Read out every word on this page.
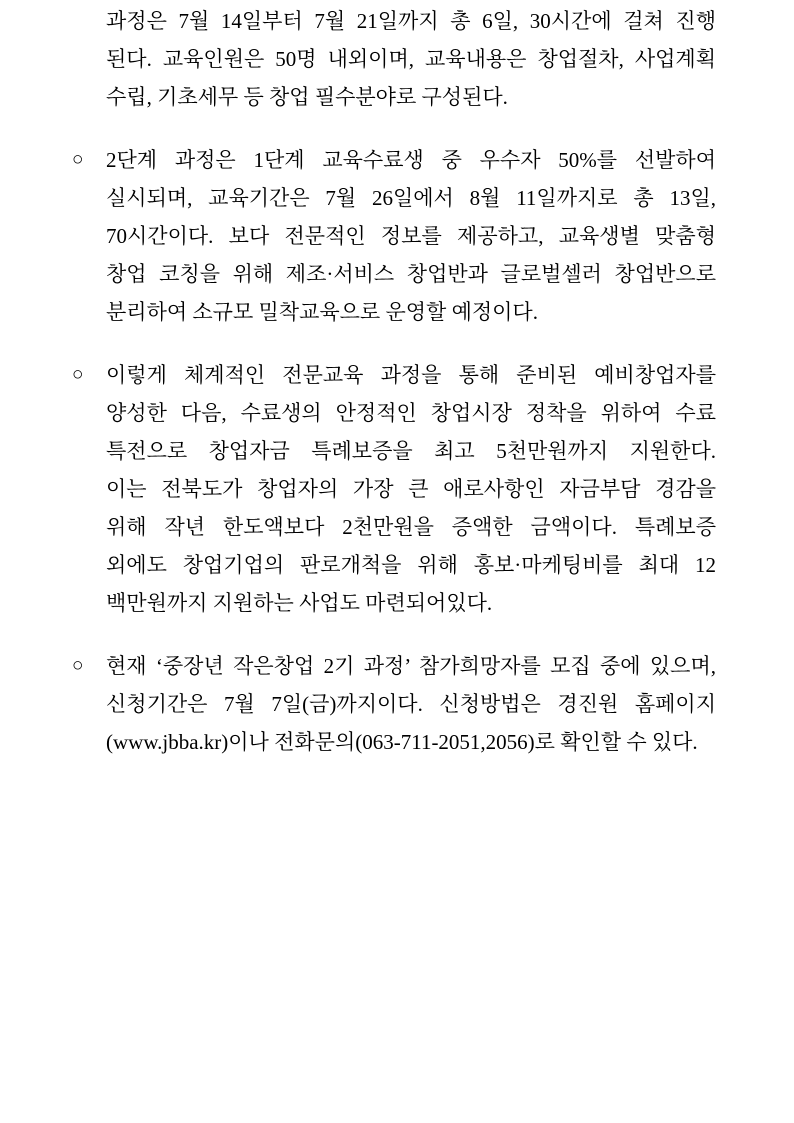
과정은 7월 14일부터 7월 21일까지 총 6일, 30시간에 걸쳐 진행
된다. 교육인원은 50명 내외이며, 교육내용은 창업절차, 사업계획
수립, 기초세무 등 창업 필수분야로 구성된다.
○ 2단계 과정은 1단계 교육수료생 중 우수자 50%를 선발하여
실시되며, 교육기간은 7월 26일에서 8월 11일까지로 총 13일,
70시간이다. 보다 전문적인 정보를 제공하고, 교육생별 맞춤형
창업 코칭을 위해 제조·서비스 창업반과 글로벌셀러 창업반으로
분리하여 소규모 밀착교육으로 운영할 예정이다.
○ 이렇게 체계적인 전문교육 과정을 통해 준비된 예비창업자를
양성한 다음, 수료생의 안정적인 창업시장 정착을 위하여 수료
특전으로 창업자금 특례보증을 최고 5천만원까지 지원한다.
이는 전북도가 창업자의 가장 큰 애로사항인 자금부담 경감을
위해 작년 한도액보다 2천만원을 증액한 금액이다. 특례보증
외에도 창업기업의 판로개척을 위해 홍보·마케팅비를 최대 12
백만원까지 지원하는 사업도 마련되어있다.
○ 현재 ‘중장년 작은창업 2기 과정’ 참가희망자를 모집 중에 있으며,
신청기간은 7월 7일(금)까지이다. 신청방법은 경진원 홈페이지
(www.jbba.kr)이나 전화문의(063-711-2051,2056)로 확인할 수 있다.
